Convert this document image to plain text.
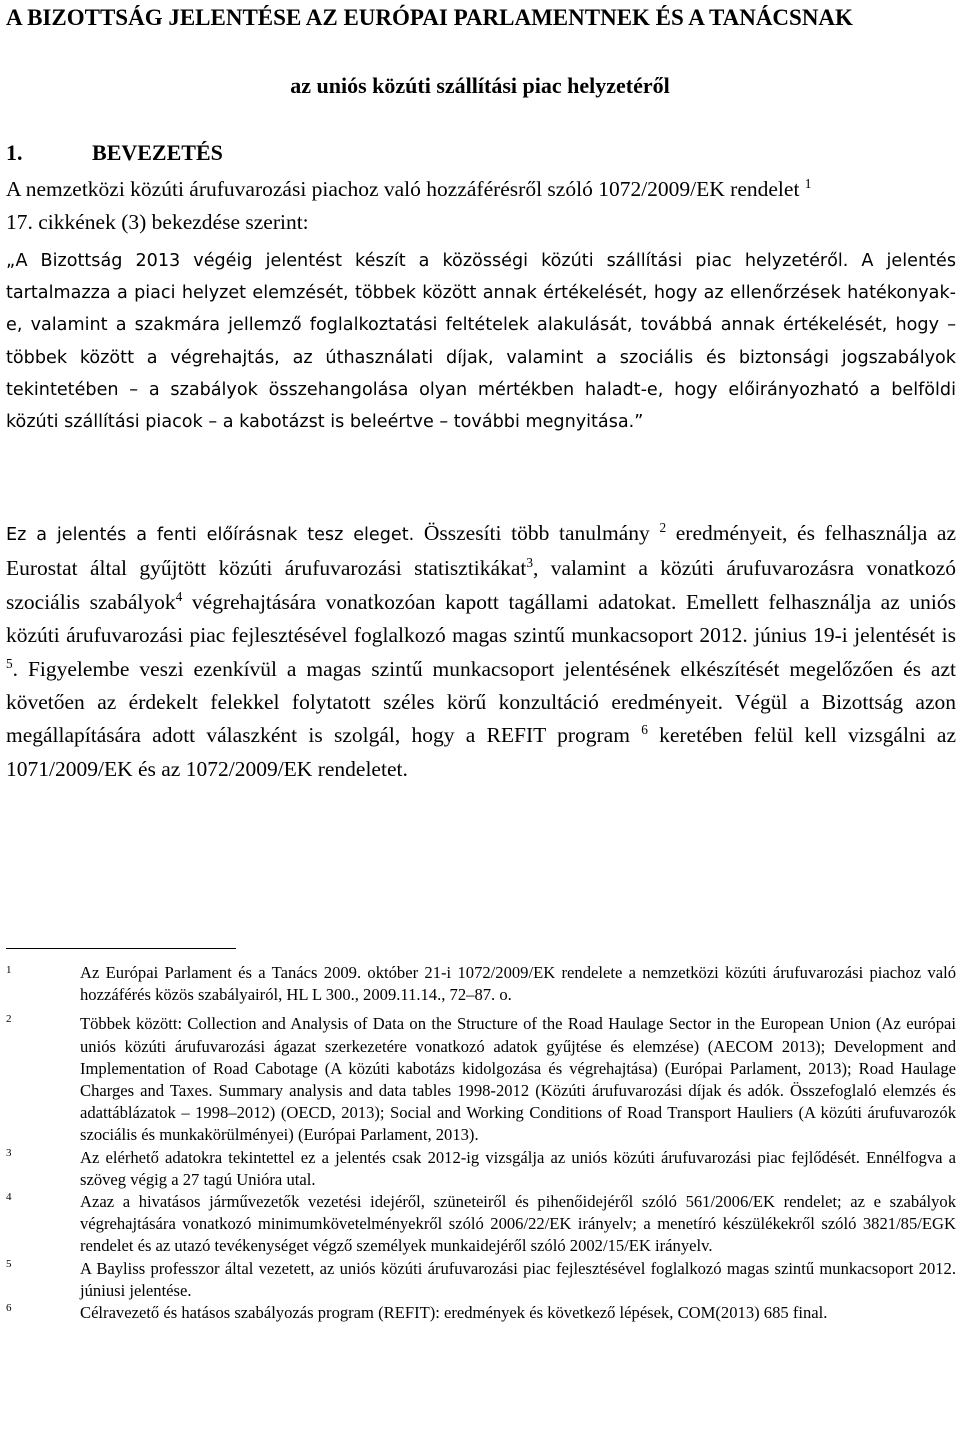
A BIZOTTSÁG JELENTÉSE AZ EURÓPAI PARLAMENTNEK ÉS A TANÁCSNAK
az uniós közúti szállítási piac helyzetéről
1.	BEVEZETÉS

A nemzetközi közúti árufuvarozási piachoz való hozzáférésről szóló 1072/2009/EK rendelet $^1$
17. cikkének (3) bekezdése szerint:

„A Bizottság 2013 végéig jelentést készít a közösségi közúti szállítási piac helyzetéről. A jelentés tartalmazza a piaci helyzet elemzését, többek között annak értékelését, hogy az ellenőrzések hatékonyak-e, valamint a szakmára jellemző foglalkoztatási feltételek alakulását, továbbá annak értékelését, hogy – többek között a végrehajtás, az úthasználati díjak, valamint a szociális és biztonsági jogszabályok tekintetében – a szabályok összehangolása olyan mértékben haladt-e, hogy előirányozható a belföldi közúti szállítási piacok – a kabotázst is beleértve – további megnyitása.”

Ez a jelentés a fenti előírásnak tesz eleget. Összesíti több tanulmány $^2$ eredményeit, és felhasználja az Eurostat által gyűjtött közúti árufuvarozási statisztikákat$^3$, valamint a közúti árufuvarozásra vonatkozó szociális szabályok$^4$ végrehajtására vonatkozóan kapott tagállami adatokat. Emellett felhasználja az uniós közúti árufuvarozási piac fejlesztésével foglalkozó magas szintű munkacsoport 2012. június 19-i jelentését is $^5$. Figyelembe veszi ezenkívül a magas szintű munkacsoport jelentésének elkészítését megelőzően és azt követően az érdekelt felekkel folytatott széles körű konzultáció eredményeit. Végül a Bizottság azon megállapítására adott válaszként is szolgál, hogy a REFIT program $^6$ keretében felül kell vizsgálni az 1071/2009/EK és az 1072/2009/EK rendeletet.

1	Az Európai Parlament és a Tanács 2009. október 21-i 1072/2009/EK rendelete a nemzetközi közúti árufuvarozási piachoz való hozzáférés közös szabályairól, HL L 300., 2009.11.14., 72–87. o.
2	Többek között: Collection and Analysis of Data on the Structure of the Road Haulage Sector in the European Union (Az európai uniós közúti árufuvarozási ágazat szerkezetére vonatkozó adatok gyűjtése és elemzése) (AECOM 2013); Development and Implementation of Road Cabotage (A közúti kabotázs kidolgozása és végrehajtása) (Európai Parlament, 2013); Road Haulage Charges and Taxes. Summary analysis and data tables 1998-2012 (Közúti árufuvarozási díjak és adók. Összefoglaló elemzés és adattáblázatok – 1998–2012) (OECD, 2013); Social and Working Conditions of Road Transport Hauliers (A közúti árufuvarozók szociális és munkakörülményei) (Európai Parlament, 2013).
3	Az elérhető adatokra tekintettel ez a jelentés csak 2012-ig vizsgálja az uniós közúti árufuvarozási piac fejlődését. Ennélfogva a szöveg végig a 27 tagú Unióra utal.
4	Azaz a hivatásos járművezetők vezetési idejéről, szüneteiről és pihenőidejéről szóló 561/2006/EK rendelet; az e szabályok végrehajtására vonatkozó minimumkövetelményekről szóló 2006/22/EK irányelv; a menetíró készülékekről szóló 3821/85/EGK rendelet és az utazó tevékenységet végző személyek munkaidejéről szóló 2002/15/EK irányelv.
5	A Bayliss professzor által vezetett, az uniós közúti árufuvarozási piac fejlesztésével foglalkozó magas szintű munkacsoport 2012. júniusi jelentése.
6	Célravezető és hatásos szabályozás program (REFIT): eredmények és következő lépések, COM(2013) 685 final.
